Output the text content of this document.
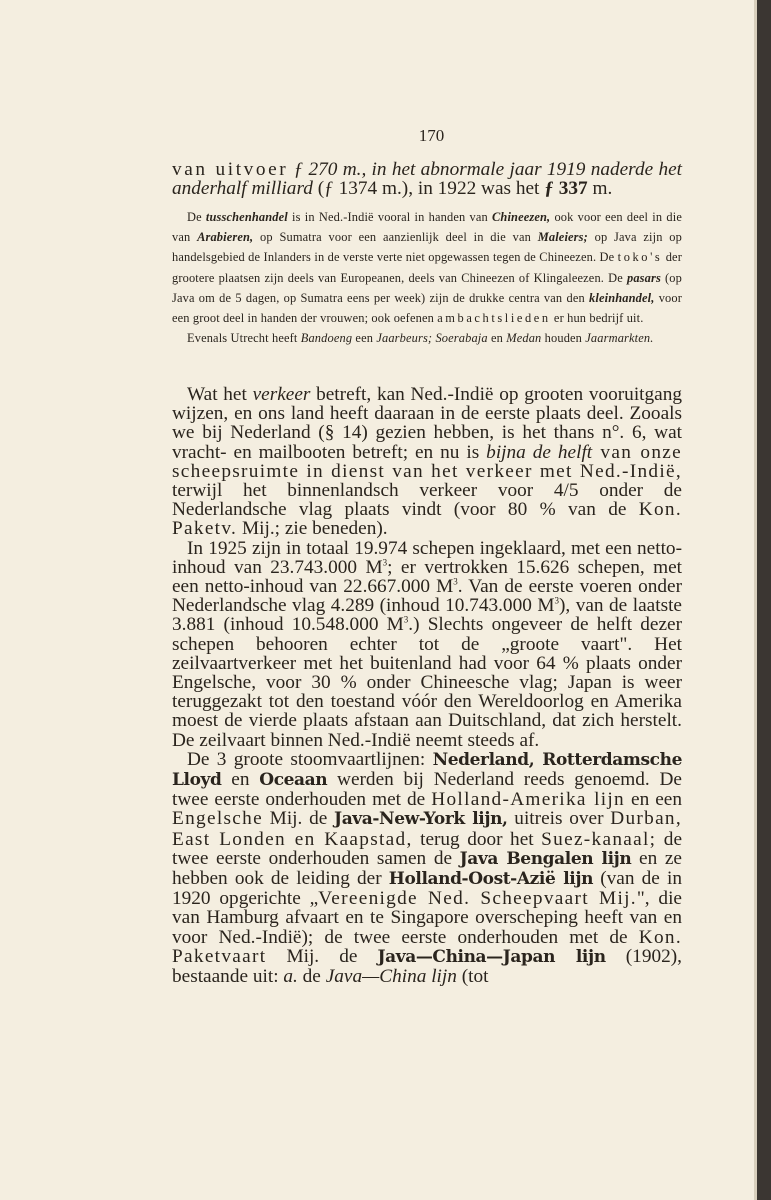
170

van uitvoer ƒ 270 m., in het abnormale jaar 1919 naderde het anderhalf milliard (ƒ 1374 m.), in 1922 was het ƒ 337 m.

De tusschenhandel is in Ned.-Indië vooral in handen van Chineezen, ook voor een deel in die van Arabieren, op Sumatra voor een aanzienlijk deel in die van Maleiers; op Java zijn op handelsgebied de Inlanders in de verste verte niet opgewassen tegen de Chineezen. De toko's der grootere plaatsen zijn deels van Europeanen, deels van Chineezen of Klingaleezen. De pasars (op Java om de 5 dagen, op Sumatra eens per week) zijn de drukke centra van den kleinhandel, voor een groot deel in handen der vrouwen; ook oefenen ambachtslieden er hun bedrijf uit.

Evenals Utrecht heeft Bandoeng een Jaarbeurs; Soerabaja en Medan houden Jaarmarkten.

Wat het verkeer betreft, kan Ned.-Indië op grooten vooruitgang wijzen, en ons land heeft daaraan in de eerste plaats deel. Zooals we bij Nederland (§ 14) gezien hebben, is het thans n°. 6, wat vracht- en mailbooten betreft; en nu is bijna de helft van onze scheepsruimte in dienst van het verkeer met Ned.-Indië, terwijl het binnenlandsch verkeer voor 4/5 onder de Nederlandsche vlag plaats vindt (voor 80 % van de Kon. Paketv. Mij.; zie beneden).

In 1925 zijn in totaal 19.974 schepen ingeklaard, met een netto-inhoud van 23.743.000 $M^3$; er vertrokken 15.626 schepen, met een netto-inhoud van 22.667.000 $M^3$. Van de eerste voeren onder Nederlandsche vlag 4.289 (inhoud 10.743.000 $M^3$), van de laatste 3.881 (inhoud 10.548.000 $M^3$.) Slechts ongeveer de helft dezer schepen behooren echter tot de „groote vaart". Het zeilvaartverkeer met het buitenland had voor 64 % plaats onder Engelsche, voor 30 % onder Chineesche vlag; Japan is weer teruggezakt tot den toestand vóór den Wereldoorlog en Amerika moest de vierde plaats afstaan aan Duitschland, dat zich herstelt. De zeilvaart binnen Ned.-Indië neemt steeds af.

De 3 groote stoomvaartlijnen: Nederland, Rotterdamsche Lloyd en Oceaan werden bij Nederland reeds genoemd. De twee eerste onderhouden met de Holland-Amerika lijn en een Engelsche Mij. de Java-New-York lijn, uitreis over Durban, East Londen en Kaapstad, terug door het Suez-kanaal; de twee eerste onderhouden samen de Java Bengalen lijn en ze hebben ook de leiding der Holland-Oost-Azië lijn (van de in 1920 opgerichte „Vereenigde Ned. Scheepvaart Mij.", die van Hamburg afvaart en te Singapore overscheping heeft van en voor Ned.-Indië); de twee eerste onderhouden met de Kon. Paketvaart Mij. de Java—China—Japan lijn (1902), bestaande uit: a. de Java—China lijn (tot
